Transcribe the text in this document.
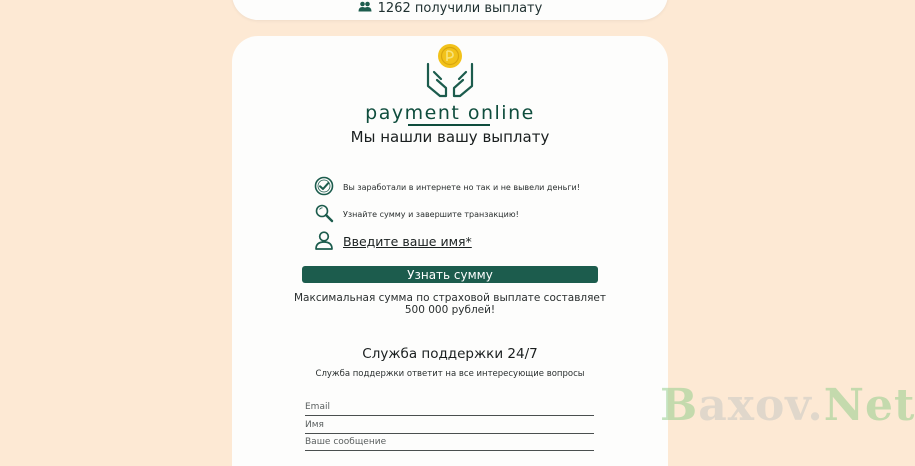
1262 получили выплату
payment online
Мы нашли вашу выплату
Вы заработали в интернете но так и не вывели деньги!
Узнайте сумму и завершите транзакцию!
Введите ваше имя*
Узнать сумму
Максимальная сумма по страховой выплате составляет 500 000 рублей!
Служба поддержки 24/7
Служба поддержки ответит на все интересующие вопросы
Email
Имя
Ваше сообщение
Baxov.Net
